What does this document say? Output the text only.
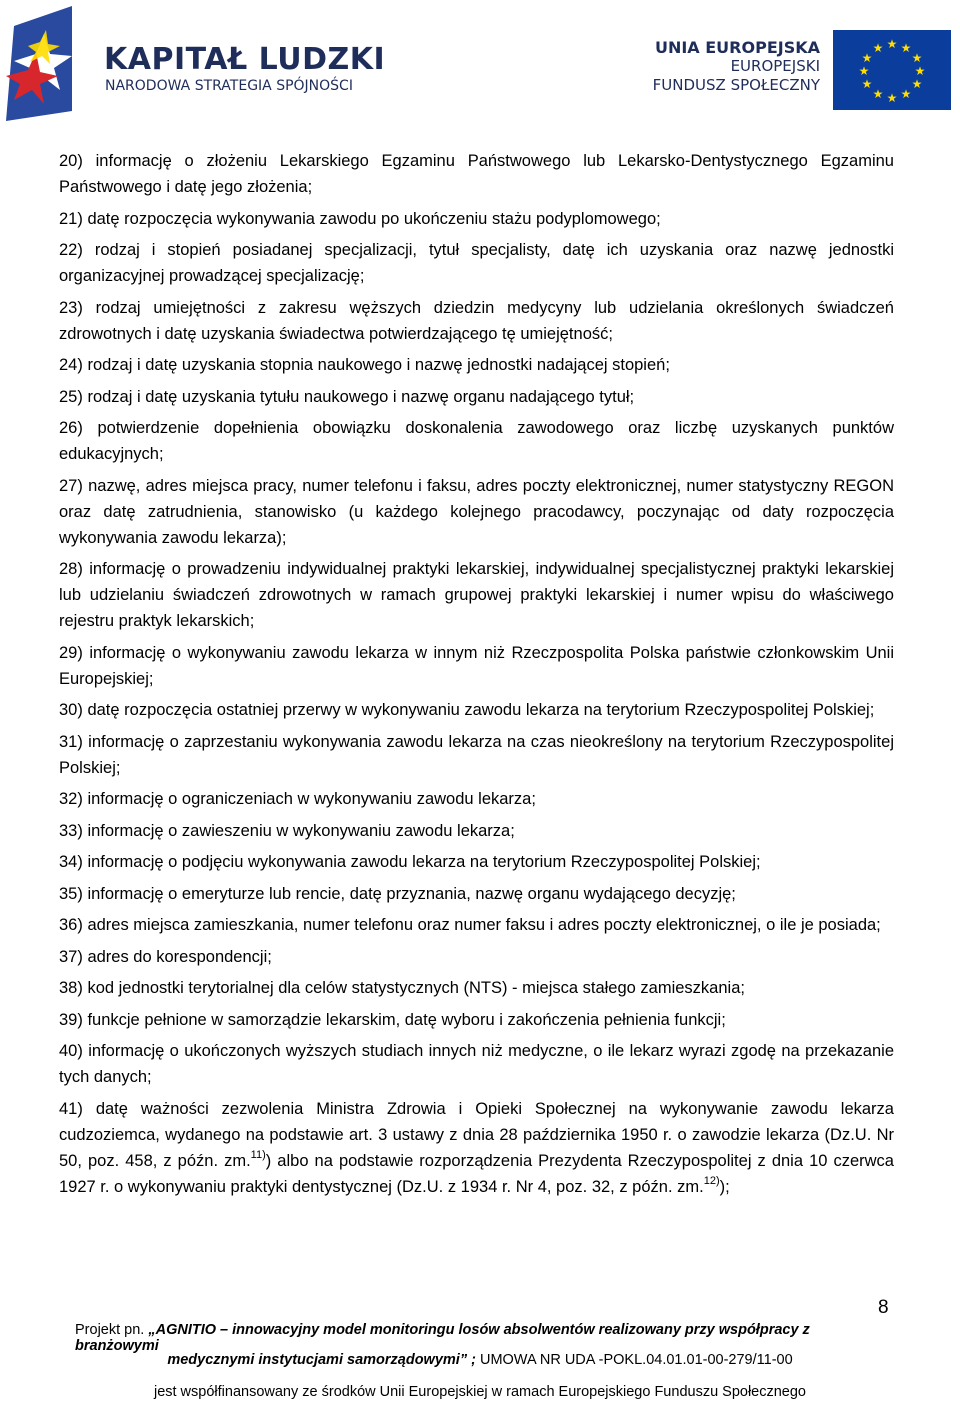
KAPITAŁ LUDZKI
NARODOWA STRATEGIA SPÓJNOŚCI
UNIA EUROPEJSKA
EUROPEJSKI
FUNDUSZ SPOŁECZNY
★ ★
★
★
★
★
★
★
★
★
★
★

20) informację o złożeniu Lekarskiego Egzaminu Państwowego lub Lekarsko-Dentystycznego Egzaminu Państwowego i datę jego złożenia;

21) datę rozpoczęcia wykonywania zawodu po ukończeniu stażu podyplomowego;

22) rodzaj i stopień posiadanej specjalizacji, tytuł specjalisty, datę ich uzyskania oraz nazwę jednostki organizacyjnej prowadzącej specjalizację;

23) rodzaj umiejętności z zakresu węższych dziedzin medycyny lub udzielania określonych świadczeń zdrowotnych i datę uzyskania świadectwa potwierdzającego tę umiejętność;

24) rodzaj i datę uzyskania stopnia naukowego i nazwę jednostki nadającej stopień;

25) rodzaj i datę uzyskania tytułu naukowego i nazwę organu nadającego tytuł;

26) potwierdzenie dopełnienia obowiązku doskonalenia zawodowego oraz liczbę uzyskanych punktów edukacyjnych;

27) nazwę, adres miejsca pracy, numer telefonu i faksu, adres poczty elektronicznej, numer statystyczny REGON oraz datę zatrudnienia, stanowisko (u każdego kolejnego pracodawcy, poczynając od daty rozpoczęcia wykonywania zawodu lekarza);

28) informację o prowadzeniu indywidualnej praktyki lekarskiej, indywidualnej specjalistycznej praktyki lekarskiej lub udzielaniu świadczeń zdrowotnych w ramach grupowej praktyki lekarskiej i numer wpisu do właściwego rejestru praktyk lekarskich;

29) informację o wykonywaniu zawodu lekarza w innym niż Rzeczpospolita Polska państwie członkowskim Unii Europejskiej;

30) datę rozpoczęcia ostatniej przerwy w wykonywaniu zawodu lekarza na terytorium Rzeczypospolitej Polskiej;

31) informację o zaprzestaniu wykonywania zawodu lekarza na czas nieokreślony na terytorium Rzeczypospolitej Polskiej;

32) informację o ograniczeniach w wykonywaniu zawodu lekarza;

33) informację o zawieszeniu w wykonywaniu zawodu lekarza;

34) informację o podjęciu wykonywania zawodu lekarza na terytorium Rzeczypospolitej Polskiej;

35) informację o emeryturze lub rencie, datę przyznania, nazwę organu wydającego decyzję;

36) adres miejsca zamieszkania, numer telefonu oraz numer faksu i adres poczty elektronicznej, o ile je posiada;

37) adres do korespondencji;

38) kod jednostki terytorialnej dla celów statystycznych (NTS) - miejsca stałego zamieszkania;

39) funkcje pełnione w samorządzie lekarskim, datę wyboru i zakończenia pełnienia funkcji;

40) informację o ukończonych wyższych studiach innych niż medyczne, o ile lekarz wyrazi zgodę na przekazanie tych danych;

41) datę ważności zezwolenia Ministra Zdrowia i Opieki Społecznej na wykonywanie zawodu lekarza cudzoziemca, wydanego na podstawie art. 3 ustawy z dnia 28 października 1950 r. o zawodzie lekarza (Dz.U. Nr 50, poz. 458, z późn. zm.$^{11)}$) albo na podstawie rozporządzenia Prezydenta Rzeczypospolitej z dnia 10 czerwca 1927 r. o wykonywaniu praktyki dentystycznej (Dz.U. z 1934 r. Nr 4, poz. 32, z późn. zm.$^{12)}$);

8
Projekt pn. „AGNITIO – innowacyjny model monitoringu losów absolwentów realizowany przy współpracy z branżowymi
medycznymi instytucjami samorządowymi” ; UMOWA NR UDA -POKL.04.01.01-00-279/11-00
jest współfinansowany ze środków Unii Europejskiej w ramach Europejskiego Funduszu Społecznego
